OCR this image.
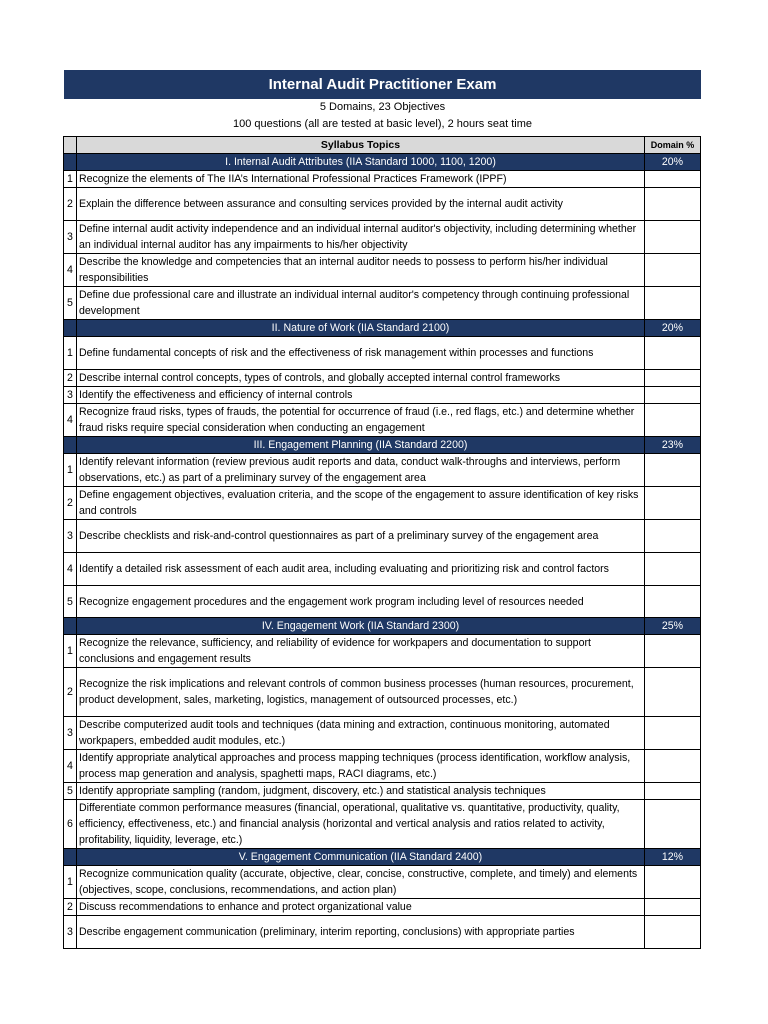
Internal Audit Practitioner Exam
5 Domains, 23 Objectives
100 questions (all are tested at basic level), 2 hours seat time
	Syllabus Topics	Domain %
	I. Internal Audit Attributes (IIA Standard 1000, 1100, 1200)	20%
1	Recognize the elements of The IIA’s International Professional Practices Framework (IPPF)	
2	Explain the difference between assurance and consulting services provided by the internal audit activity	
3	Define internal audit activity independence and an individual internal auditor's objectivity, including determining whether an individual internal auditor has any impairments to his/her objectivity	
4	Describe the knowledge and competencies that an internal auditor needs to possess to perform his/her individual responsibilities	
5	Define due professional care and illustrate an individual internal auditor's competency through continuing professional development	
	II. Nature of Work (IIA Standard 2100)	20%
1	Define fundamental concepts of risk and the effectiveness of risk management within processes and functions	
2	Describe internal control concepts, types of controls, and globally accepted internal control frameworks	
3	Identify the effectiveness and efficiency of internal controls	
4	Recognize fraud risks, types of frauds, the potential for occurrence of fraud (i.e., red flags, etc.) and determine whether fraud risks require special consideration when conducting an engagement	
	III. Engagement Planning (IIA Standard 2200)	23%
1	Identify relevant information (review previous audit reports and data, conduct walk-throughs and interviews, perform observations, etc.) as part of a preliminary survey of the engagement area	
2	Define engagement objectives, evaluation criteria, and the scope of the engagement to assure identification of key risks and controls	
3	Describe checklists and risk-and-control questionnaires as part of a preliminary survey of the engagement area	
4	Identify a detailed risk assessment of each audit area, including evaluating and prioritizing risk and control factors	
5	Recognize engagement procedures and the engagement work program including level of resources needed	
	IV. Engagement Work (IIA Standard 2300)	25%
1	Recognize the relevance, sufficiency, and reliability of evidence for workpapers and documentation to support conclusions and engagement results	
2	Recognize the risk implications and relevant controls of common business processes (human resources, procurement, product development, sales, marketing, logistics, management of outsourced processes, etc.)	
3	Describe computerized audit tools and techniques (data mining and extraction, continuous monitoring, automated workpapers, embedded audit modules, etc.)	
4	Identify appropriate analytical approaches and process mapping techniques (process identification, workflow analysis, process map generation and analysis, spaghetti maps, RACI diagrams, etc.)	
5	Identify appropriate sampling (random, judgment, discovery, etc.) and statistical analysis techniques	
6	Differentiate common performance measures (financial, operational, qualitative vs. quantitative, productivity, quality, efficiency, effectiveness, etc.) and financial analysis (horizontal and vertical analysis and ratios related to activity, profitability, liquidity, leverage, etc.)	
	V. Engagement Communication (IIA Standard 2400)	12%
1	Recognize communication quality (accurate, objective, clear, concise, constructive, complete, and timely) and elements (objectives, scope, conclusions, recommendations, and action plan)	
2	Discuss recommendations to enhance and protect organizational value	
3	Describe engagement communication (preliminary, interim reporting, conclusions) with appropriate parties	
